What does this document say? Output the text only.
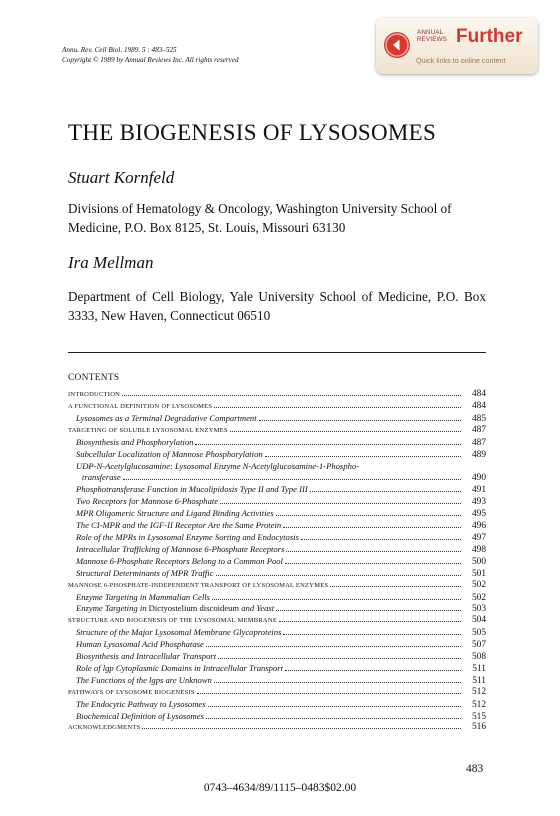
Annu. Rev. Cell Biol. 1989. 5 : 483–525
Copyright © 1989 by Annual Reviews Inc. All rights reserved
ANNUAL
REVIEWS Further
Quick links to online content
THE BIOGENESIS OF LYSOSOMES
Stuart Kornfeld
Divisions of Hematology & Oncology, Washington University School of Medicine, P.O. Box 8125, St. Louis, Missouri 63130
Ira Mellman
Department of Cell Biology, Yale University School of Medicine, P.O. Box 3333, New Haven, Connecticut 06510
CONTENTS
INTRODUCTION	484
A FUNCTIONAL DEFINITION OF LYSOSOMES	484
Lysosomes as a Terminal Degradative Compartment	485
TARGETING OF SOLUBLE LYSOSOMAL ENZYMES	487
Biosynthesis and Phosphorylation	487
Subcellular Localization of Mannose Phosphorylation	489
UDP-N-Acetylglucosamine: Lysosomal Enzyme N-Acetylglucosamine-1-Phospho-
transferase	490
Phosphotransferase Function in Mucolipidosis Type II and Type III	491
Two Receptors for Mannose 6-Phosphate	493
MPR Oligomeric Structure and Ligand Binding Activities	495
The CI-MPR and the IGF-II Receptor Are the Same Protein	496
Role of the MPRs in Lysosomal Enzyme Sorting and Endocytosis	497
Intracellular Trafficking of Mannose 6-Phosphate Receptors	498
Mannose 6-Phosphate Receptors Belong to a Common Pool	500
Structural Determinants of MPR Traffic	501
MANNOSE 6-PHOSPHATE-INDEPENDENT TRANSPORT OF LYSOSOMAL ENZYMES	502
Enzyme Targeting in Mammalian Cells	502
Enzyme Targeting in Dictyostelium discoideum and Yeast	503
STRUCTURE AND BIOGENESIS OF THE LYSOSOMAL MEMBRANE	504
Structure of the Major Lysosomal Membrane Glycoproteins	505
Human Lysosomal Acid Phosphatase	507
Biosynthesis and Intracellular Transport	508
Role of lgp Cytoplasmic Domains in Intracellular Transport	511
The Functions of the lgps are Unknown	511
PATHWAYS OF LYSOSOME BIOGENESIS	512
The Endocytic Pathway to Lysosomes	512
Biochemical Definition of Lysosomes	515
ACKNOWLEDGMENTS	516
483
0743–4634/89/1115–0483$02.00
